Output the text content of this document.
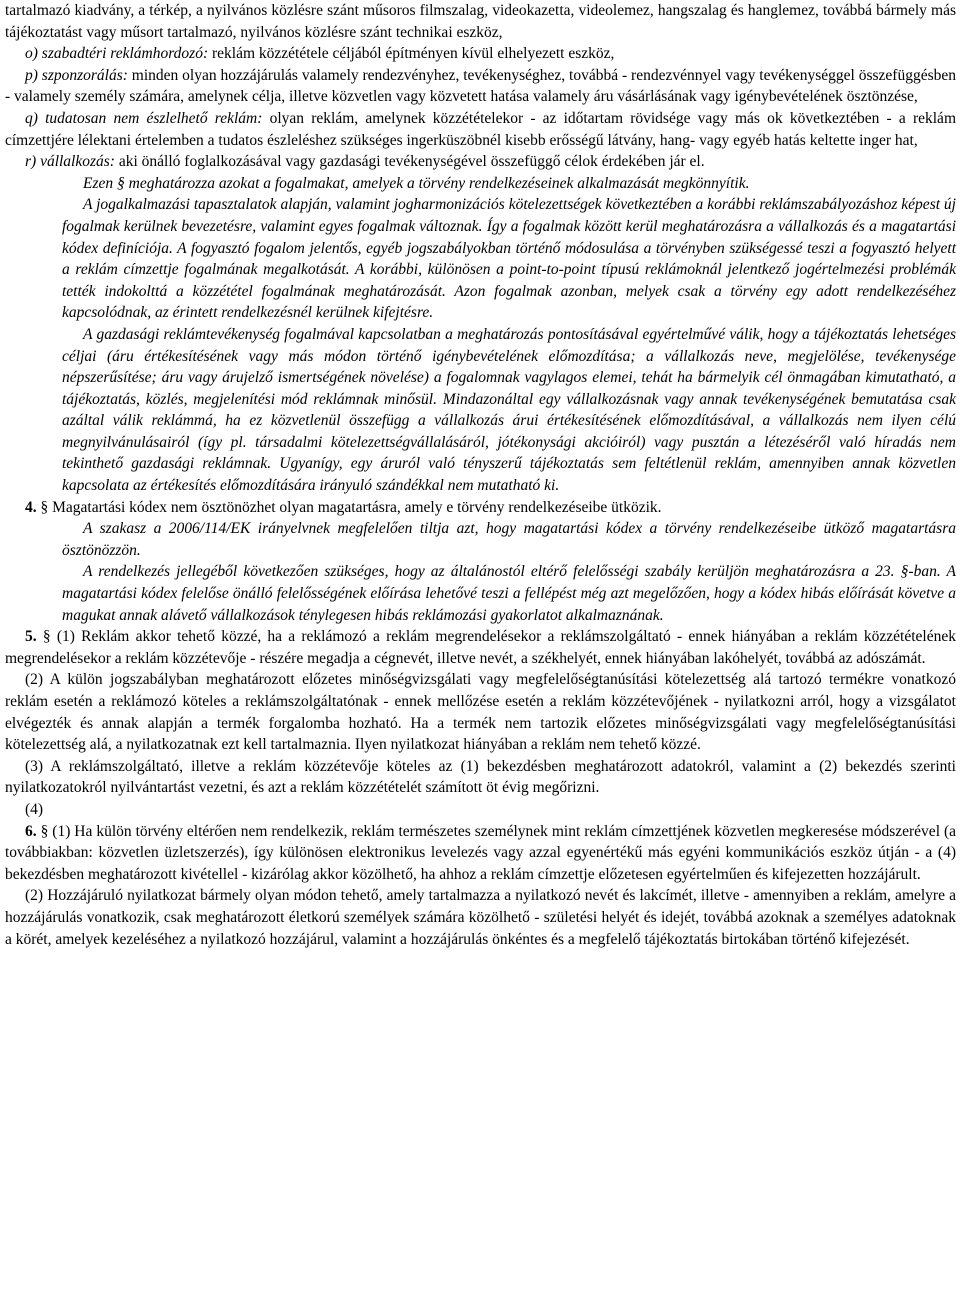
tartalmazó kiadvány, a térkép, a nyilvános közlésre szánt műsoros filmszalag, videokazetta, videolemez, hangszalag és hanglemez, továbbá bármely más tájékoztatást vagy műsort tartalmazó, nyilvános közlésre szánt technikai eszköz,

o) szabadtéri reklámhordozó: reklám közzététele céljából építményen kívül elhelyezett eszköz,

p) szponzorálás: minden olyan hozzájárulás valamely rendezvényhez, tevékenységhez, továbbá - rendezvénnyel vagy tevékenységgel összefüggésben - valamely személy számára, amelynek célja, illetve közvetlen vagy közvetett hatása valamely áru vásárlásának vagy igénybevételének ösztönzése,

q) tudatosan nem észlelhető reklám: olyan reklám, amelynek közzétételekor - az időtartam rövidsége vagy más ok következtében - a reklám címzettjére lélektani értelemben a tudatos észleléshez szükséges ingerküszöbnél kisebb erősségű látvány, hang- vagy egyéb hatás keltette inger hat,

r) vállalkozás: aki önálló foglalkozásával vagy gazdasági tevékenységével összefüggő célok érdekében jár el.

Ezen § meghatározza azokat a fogalmakat, amelyek a törvény rendelkezéseinek alkalmazását megkönnyítik.

A jogalkalmazási tapasztalatok alapján, valamint jogharmonizációs kötelezettségek következtében a korábbi reklámszabályozáshoz képest új fogalmak kerülnek bevezetésre, valamint egyes fogalmak változnak. Így a fogalmak között kerül meghatározásra a vállalkozás és a magatartási kódex definíciója. A fogyasztó fogalom jelentős, egyéb jogszabályokban történő módosulása a törvényben szükségessé teszi a fogyasztó helyett a reklám címzettje fogalmának megalkotását. A korábbi, különösen a point-to-point típusú reklámoknál jelentkező jogértelmezési problémák tették indokolttá a közzététel fogalmának meghatározását. Azon fogalmak azonban, melyek csak a törvény egy adott rendelkezéséhez kapcsolódnak, az érintett rendelkezésnél kerülnek kifejtésre.

A gazdasági reklámtevékenység fogalmával kapcsolatban a meghatározás pontosításával egyértelművé válik, hogy a tájékoztatás lehetséges céljai (áru értékesítésének vagy más módon történő igénybevételének előmozdítása; a vállalkozás neve, megjelölése, tevékenysége népszerűsítése; áru vagy árujelző ismertségének növelése) a fogalomnak vagylagos elemei, tehát ha bármelyik cél önmagában kimutatható, a tájékoztatás, közlés, megjelenítési mód reklámnak minősül. Mindazonáltal egy vállalkozásnak vagy annak tevékenységének bemutatása csak azáltal válik reklámmá, ha ez közvetlenül összefügg a vállalkozás árui értékesítésének előmozdításával, a vállalkozás nem ilyen célú megnyilvánulásairól (így pl. társadalmi kötelezettségvállalásáról, jótékonysági akcióiról) vagy pusztán a létezéséről való híradás nem tekinthető gazdasági reklámnak. Ugyanígy, egy áruról való tényszerű tájékoztatás sem feltétlenül reklám, amennyiben annak közvetlen kapcsolata az értékesítés előmozdítására irányuló szándékkal nem mutatható ki.

4. § Magatartási kódex nem ösztönözhet olyan magatartásra, amely e törvény rendelkezéseibe ütközik.

A szakasz a 2006/114/EK irányelvnek megfelelően tiltja azt, hogy magatartási kódex a törvény rendelkezéseibe ütköző magatartásra ösztönözzön.

A rendelkezés jellegéből következően szükséges, hogy az általánostól eltérő felelősségi szabály kerüljön meghatározásra a 23. §-ban. A magatartási kódex felelőse önálló felelősségének előírása lehetővé teszi a fellépést még azt megelőzően, hogy a kódex hibás előírását követve a magukat annak alávető vállalkozások ténylegesen hibás reklámozási gyakorlatot alkalmaznának.

5. § (1) Reklám akkor tehető közzé, ha a reklámozó a reklám megrendelésekor a reklámszolgáltató - ennek hiányában a reklám közzétételének megrendelésekor a reklám közzétevője - részére megadja a cégnevét, illetve nevét, a székhelyét, ennek hiányában lakóhelyét, továbbá az adószámát.

(2) A külön jogszabályban meghatározott előzetes minőségvizsgálati vagy megfelelőségtanúsítási kötelezettség alá tartozó termékre vonatkozó reklám esetén a reklámozó köteles a reklámszolgáltatónak - ennek mellőzése esetén a reklám közzétevőjének - nyilatkozni arról, hogy a vizsgálatot elvégezték és annak alapján a termék forgalomba hozható. Ha a termék nem tartozik előzetes minőségvizsgálati vagy megfelelőségtanúsítási kötelezettség alá, a nyilatkozatnak ezt kell tartalmaznia. Ilyen nyilatkozat hiányában a reklám nem tehető közzé.

(3) A reklámszolgáltató, illetve a reklám közzétevője köteles az (1) bekezdésben meghatározott adatokról, valamint a (2) bekezdés szerinti nyilatkozatokról nyilvántartást vezetni, és azt a reklám közzétételét számított öt évig megőrizni.

(4)

6. § (1) Ha külön törvény eltérően nem rendelkezik, reklám természetes személynek mint reklám címzettjének közvetlen megkeresése módszerével (a továbbiakban: közvetlen üzletszerzés), így különösen elektronikus levelezés vagy azzal egyenértékű más egyéni kommunikációs eszköz útján - a (4) bekezdésben meghatározott kivétellel - kizárólag akkor közölhető, ha ahhoz a reklám címzettje előzetesen egyértelműen és kifejezetten hozzájárult.

(2) Hozzájáruló nyilatkozat bármely olyan módon tehető, amely tartalmazza a nyilatkozó nevét és lakcímét, illetve - amennyiben a reklám, amelyre a hozzájárulás vonatkozik, csak meghatározott életkorú személyek számára közölhető - születési helyét és idejét, továbbá azoknak a személyes adatoknak a körét, amelyek kezeléséhez a nyilatkozó hozzájárul, valamint a hozzájárulás önkéntes és a megfelelő tájékoztatás birtokában történő kifejezését.
